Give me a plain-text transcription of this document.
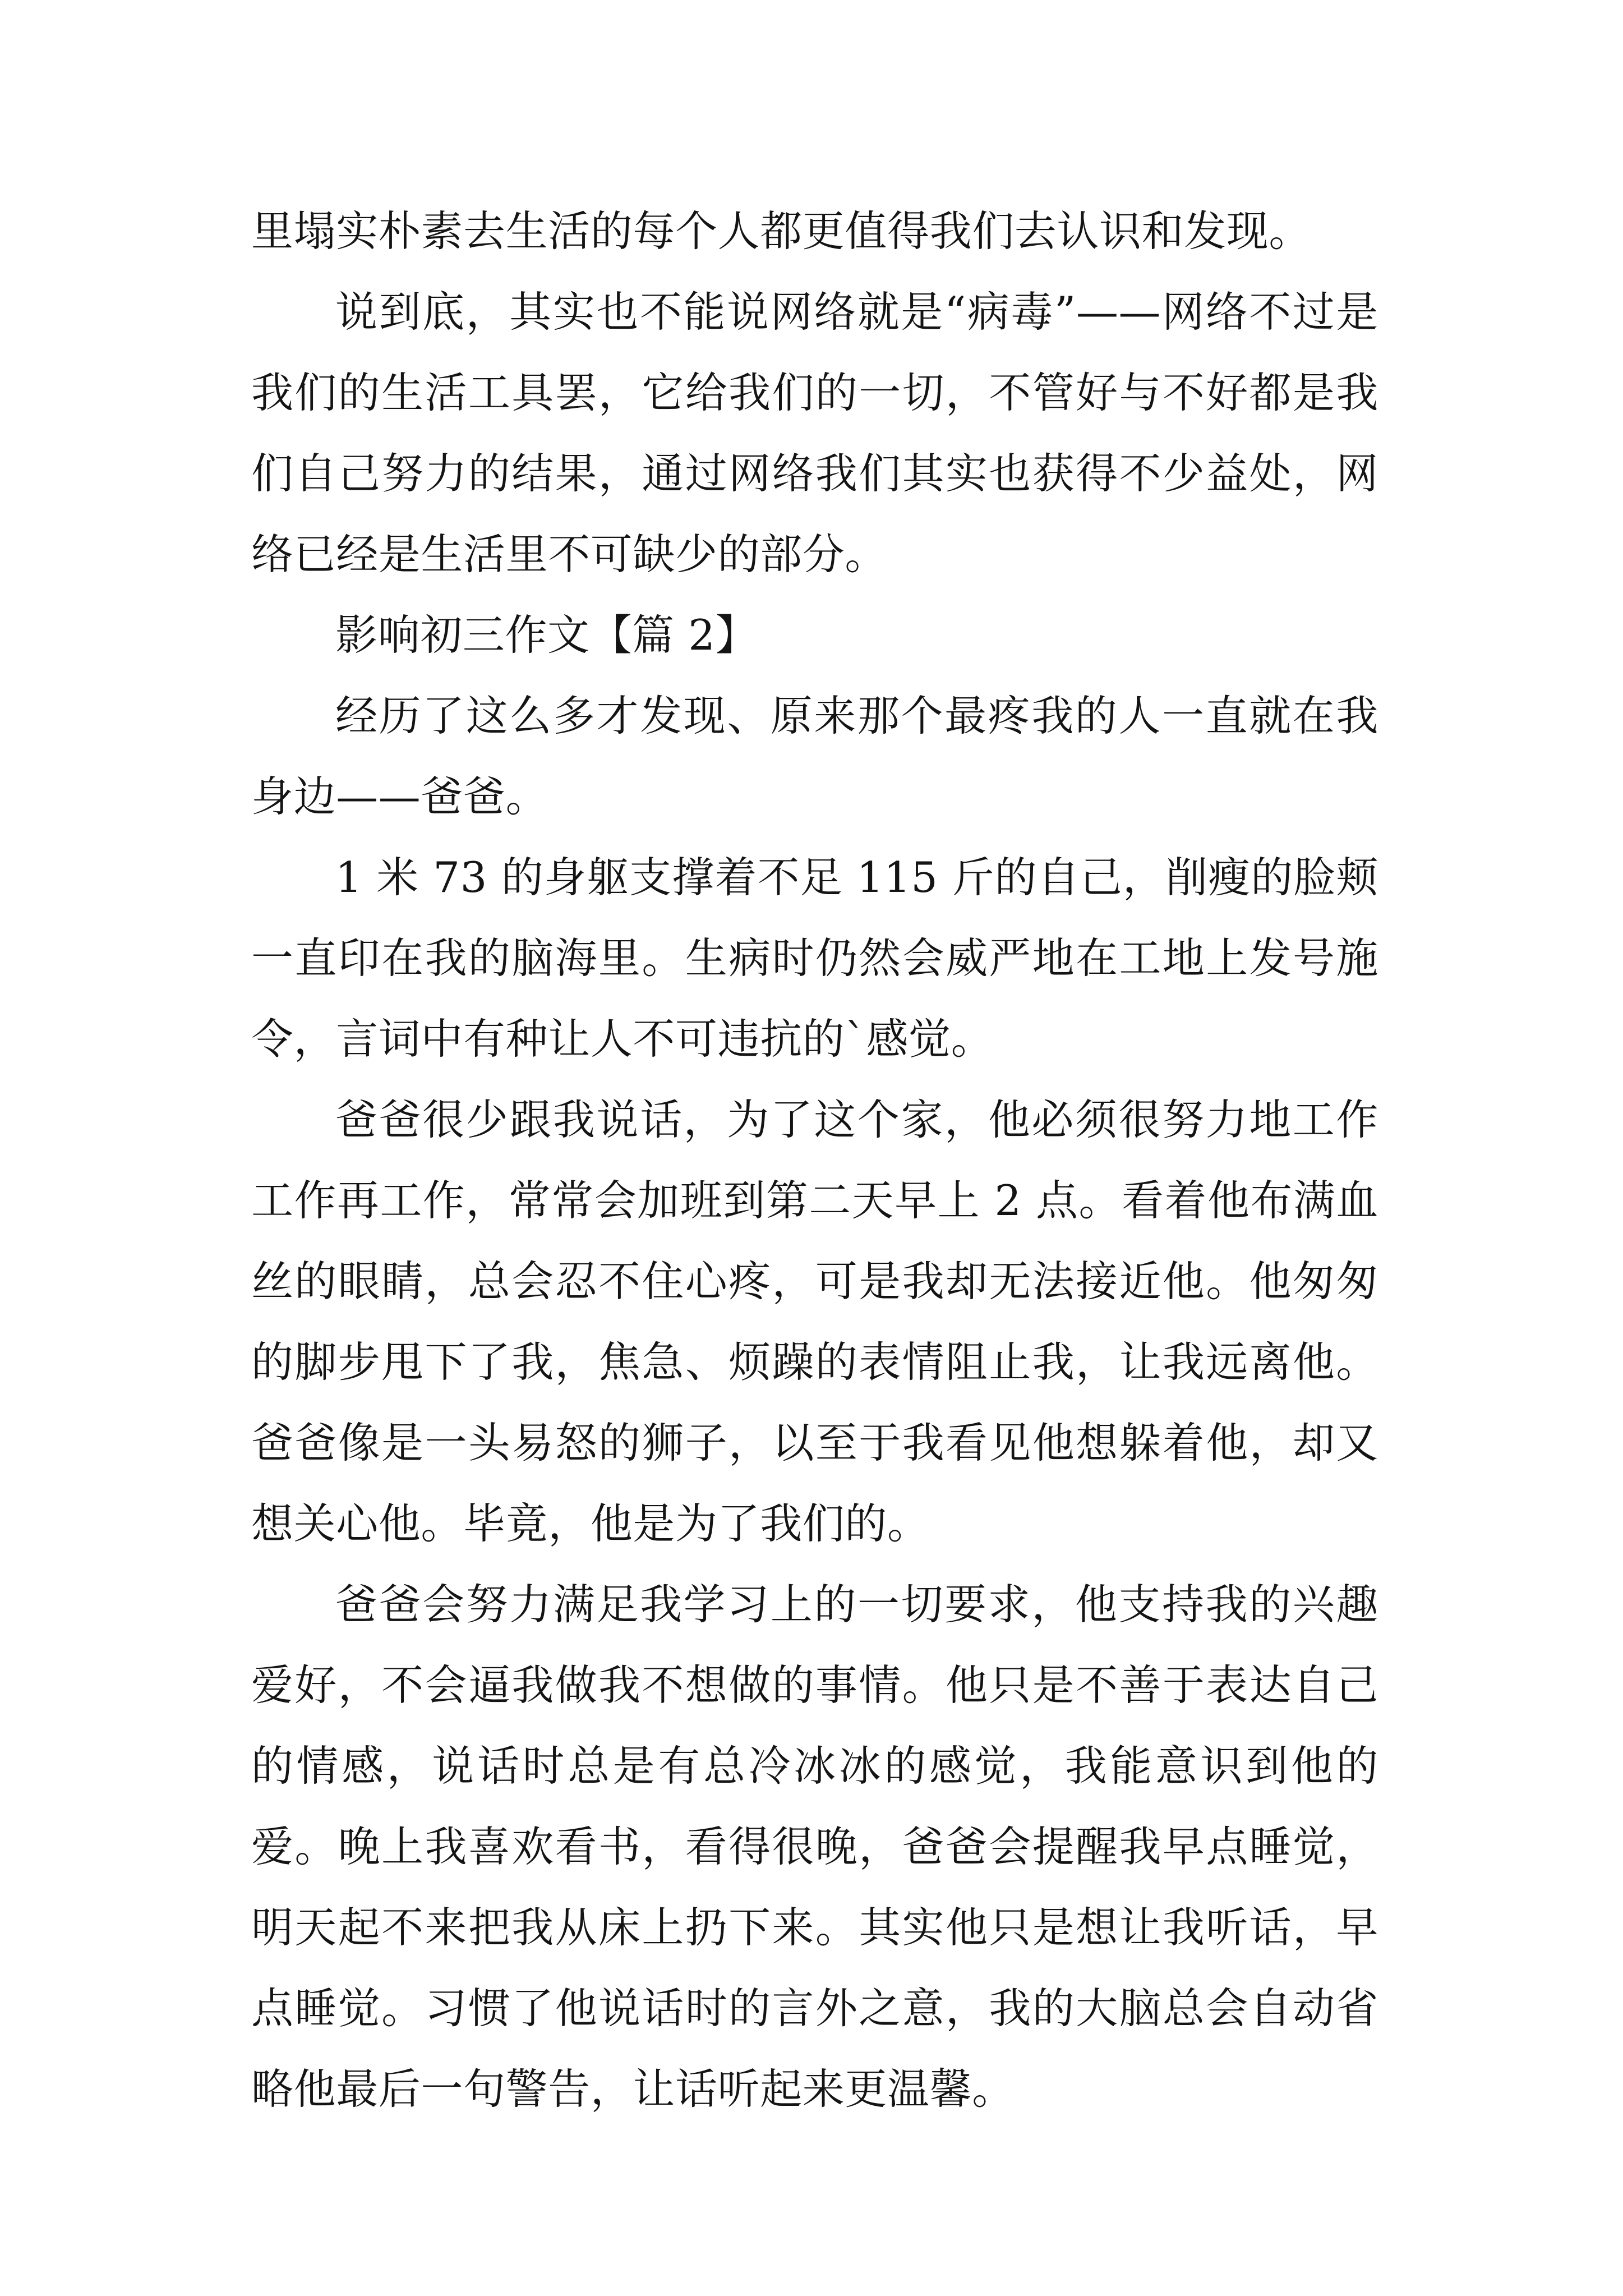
里塌实朴素去生活的每个人都更值得我们去认识和发现。

说到底，其实也不能说网络就是“病毒”——网络不过是我们的生活工具罢，它给我们的一切，不管好与不好都是我们自己努力的结果，通过网络我们其实也获得不少益处，网络已经是生活里不可缺少的部分。

影响初三作文【篇 2】

经历了这么多才发现、原来那个最疼我的人一直就在我身边——爸爸。

1 米 73 的身躯支撑着不足 115 斤的自己，削瘦的脸颊一直印在我的脑海里。生病时仍然会威严地在工地上发号施令，言词中有种让人不可违抗的`感觉。

爸爸很少跟我说话，为了这个家，他必须很努力地工作工作再工作，常常会加班到第二天早上 2 点。看着他布满血丝的眼睛，总会忍不住心疼，可是我却无法接近他。他匆匆的脚步甩下了我，焦急、烦躁的表情阻止我，让我远离他。爸爸像是一头易怒的狮子，以至于我看见他想躲着他，却又想关心他。毕竟，他是为了我们的。

爸爸会努力满足我学习上的一切要求，他支持我的兴趣爱好，不会逼我做我不想做的事情。他只是不善于表达自己的情感，说话时总是有总冷冰冰的感觉，我能意识到他的爱。晚上我喜欢看书，看得很晚，爸爸会提醒我早点睡觉，明天起不来把我从床上扔下来。其实他只是想让我听话，早点睡觉。习惯了他说话时的言外之意，我的大脑总会自动省略他最后一句警告，让话听起来更温馨。
